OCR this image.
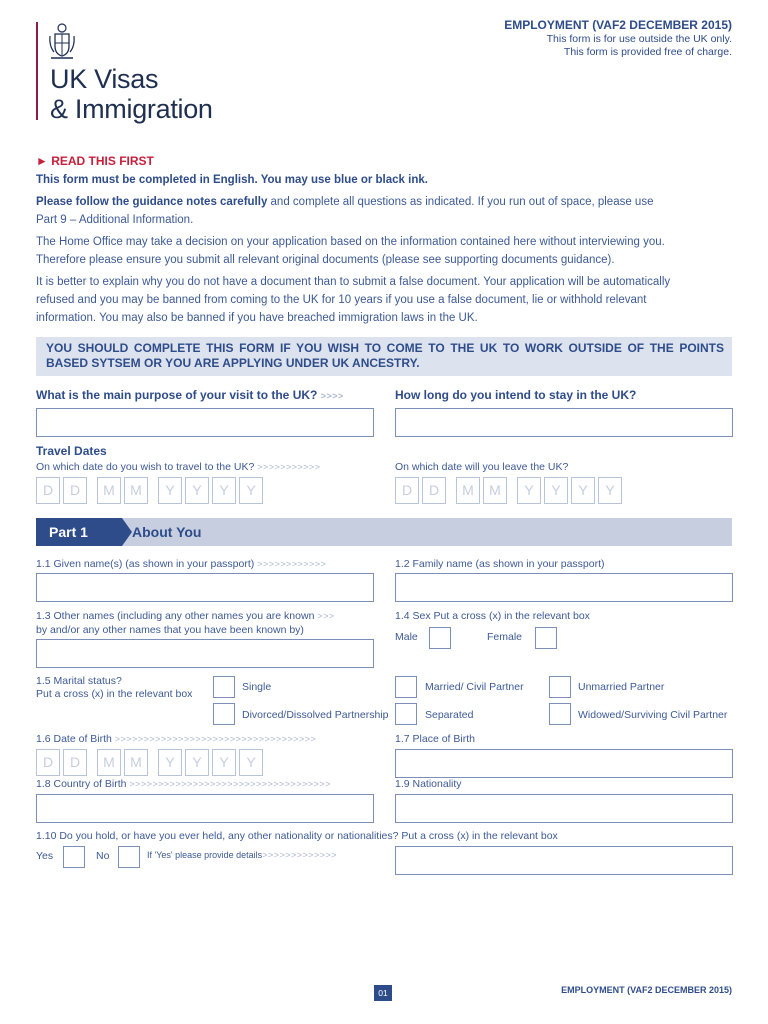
UK Visas
& Immigration
EMPLOYMENT (VAF2 DECEMBER 2015)
This form is for use outside the UK only.
This form is provided free of charge.
► READ THIS FIRST
This form must be completed in English. You may use blue or black ink.
Please follow the guidance notes carefully and complete all questions as indicated. If you run out of space, please use
Part 9 – Additional Information.
The Home Office may take a decision on your application based on the information contained here without interviewing you.
Therefore please ensure you submit all relevant original documents (please see supporting documents guidance).
It is better to explain why you do not have a document than to submit a false document. Your application will be automatically
refused and you may be banned from coming to the UK for 10 years if you use a false document, lie or withhold relevant
information. You may also be banned if you have breached immigration laws in the UK.
YOU SHOULD COMPLETE THIS FORM IF YOU WISH TO COME TO THE UK TO WORK OUTSIDE OF THE POINTS BASED SYTSEM OR YOU ARE APPLYING UNDER UK ANCESTRY.
What is the main purpose of your visit to the UK? >>>>	How long do you intend to stay in the UK?
Travel Dates
On which date do you wish to travel to the UK? >>>>>>>>>>>	On which date will you leave the UK?
D D M M Y Y Y Y	D D M M Y Y Y Y
Part 1	About You
1.1 Given name(s) (as shown in your passport) >>>>>>>>>>>>	1.2 Family name (as shown in your passport)
1.3 Other names (including any other names you are known >>>
by and/or any other names that you have been known by)
1.4 Sex Put a cross (x) in the relevant box
Male	Female
1.5 Marital status?
Put a cross (x) in the relevant box
Single	Married/ Civil Partner	Unmarried Partner
Divorced/Dissolved Partnership	Separated	Widowed/Surviving Civil Partner
1.6 Date of Birth >>>>>>>>>>>>>>>>>>>>>>>>>>>>>>>>>>>	1.7 Place of Birth
D D M M Y Y Y Y
1.8 Country of Birth >>>>>>>>>>>>>>>>>>>>>>>>>>>>>>>>>>>	1.9 Nationality
1.10 Do you hold, or have you ever held, any other nationality or nationalities? Put a cross (x) in the relevant box
Yes	No	If 'Yes' please provide details>>>>>>>>>>>>>
01	EMPLOYMENT (VAF2 DECEMBER 2015)
